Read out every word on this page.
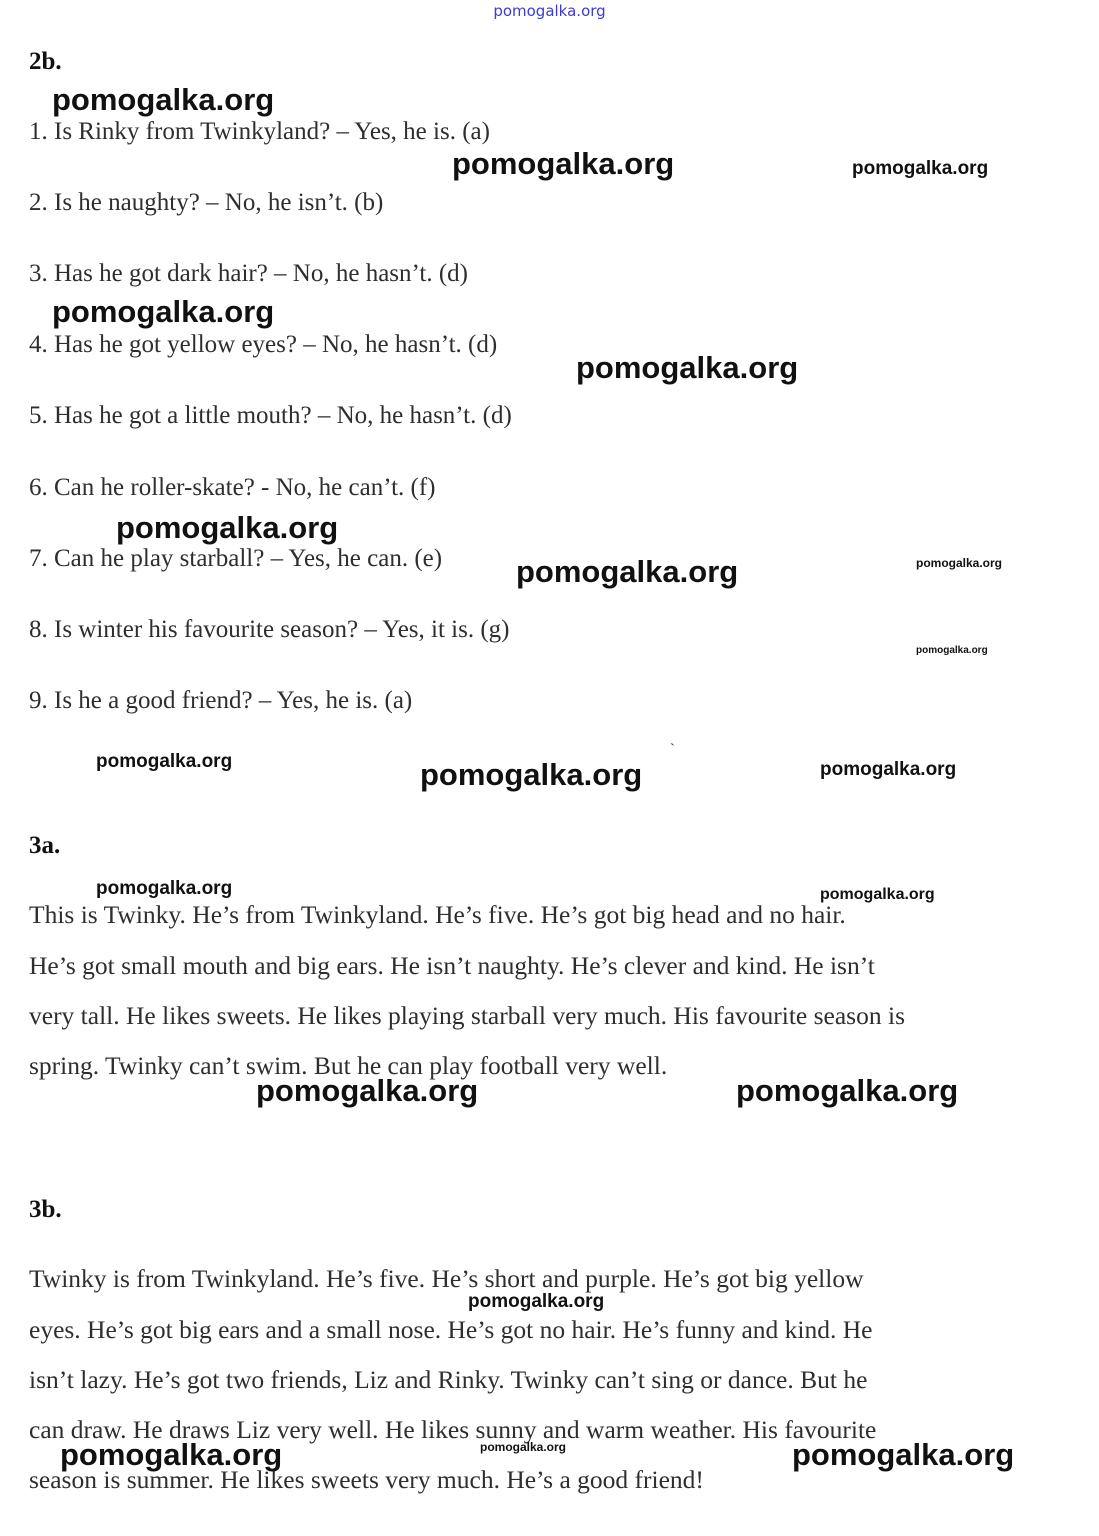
pomogalka.org
2b.
1. Is Rinky from Twinkyland? – Yes, he is. (a)
2. Is he naughty? – No, he isn’t. (b)
3. Has he got dark hair? – No, he hasn’t. (d)
4. Has he got yellow eyes? – No, he hasn’t. (d)
5. Has he got a little mouth? – No, he hasn’t. (d)
6. Can he roller-skate? - No, he can’t. (f)
7. Can he play starball? – Yes, he can. (e)
8. Is winter his favourite season? – Yes, it is. (g)
9. Is he a good friend? – Yes, he is. (a)
`
3a.
This is Twinky. He’s from Twinkyland. He’s five. He’s got big head and no hair.
He’s got small mouth and big ears. He isn’t naughty. He’s clever and kind. He isn’t
very tall. He likes sweets. He likes playing starball very much. His favourite season is
spring. Twinky can’t swim. But he can play football very well.
3b.
Twinky is from Twinkyland. He’s five. He’s short and purple. He’s got big yellow
eyes. He’s got big ears and a small nose. He’s got no hair. He’s funny and kind. He
isn’t lazy. He’s got two friends, Liz and Rinky. Twinky can’t sing or dance. But he
can draw. He draws Liz very well. He likes sunny and warm weather. His favourite
season is summer. He likes sweets very much. He’s a good friend!
pomogalka.org
pomogalka.org	pomogalka.org
pomogalka.org
pomogalka.org
pomogalka.org
pomogalka.org	pomogalka.org
pomogalka.org
pomogalka.org	pomogalka.org	pomogalka.org
pomogalka.org	pomogalka.org
pomogalka.org	pomogalka.org
pomogalka.org
pomogalka.org
pomogalka.org	pomogalka.org
